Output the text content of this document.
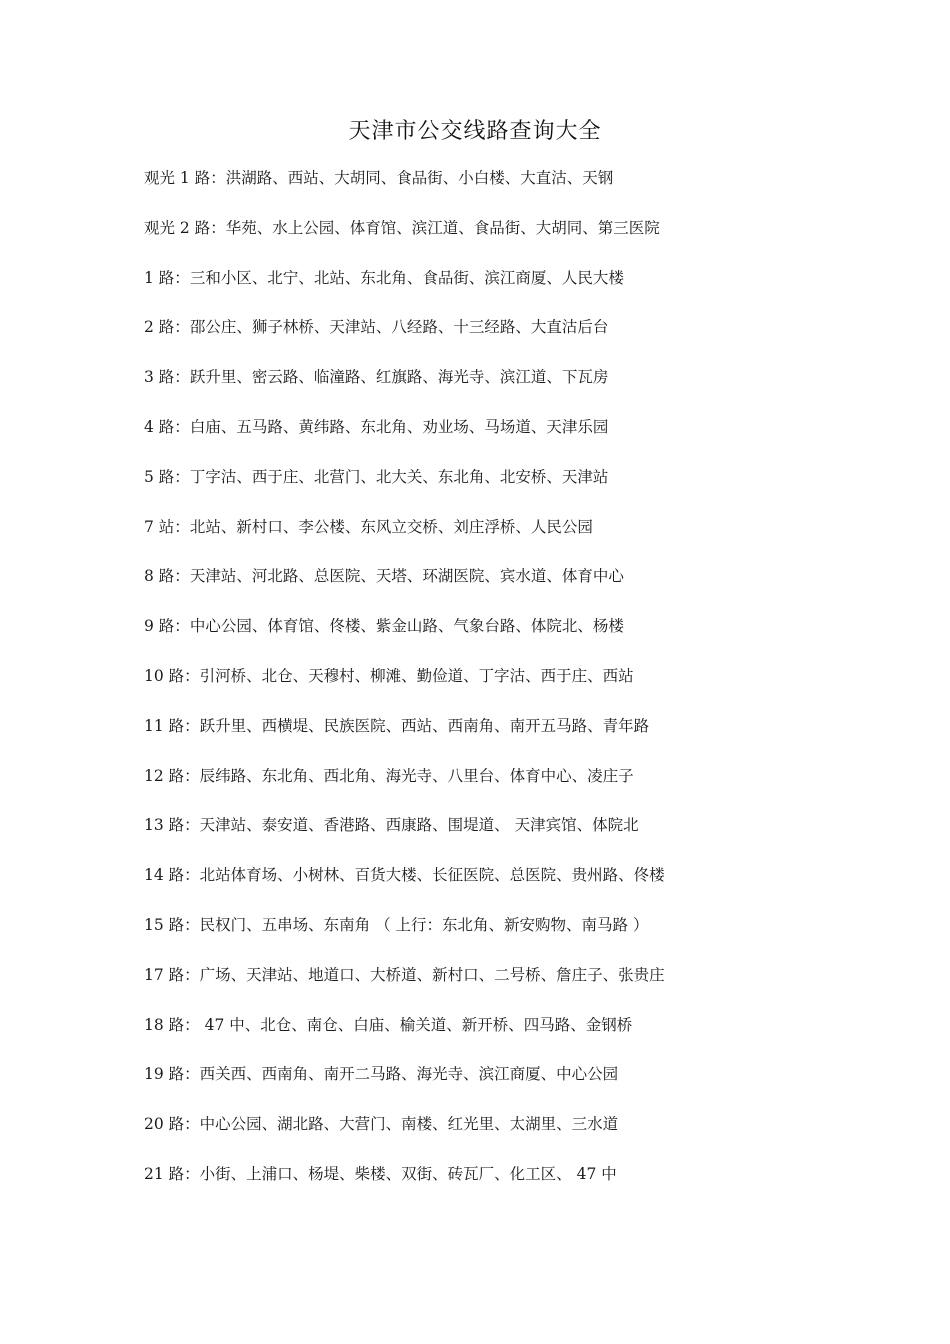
天津市公交线路查询大全
观光 1 路：洪湖路、西站、大胡同、食品街、小白楼、大直沽、天钢
观光 2 路：华苑、水上公园、体育馆、滨江道、食品街、大胡同、第三医院
1 路：三和小区、北宁、北站、东北角、食品街、滨江商厦、人民大楼
2 路：邵公庄、狮子林桥、天津站、八经路、十三经路、大直沽后台
3 路：跃升里、密云路、临潼路、红旗路、海光寺、滨江道、下瓦房
4 路：白庙、五马路、黄纬路、东北角、劝业场、马场道、天津乐园
5 路：丁字沽、西于庄、北营门、北大关、东北角、北安桥、天津站
7 站：北站、新村口、李公楼、东风立交桥、刘庄浮桥、人民公园
8 路：天津站、河北路、总医院、天塔、环湖医院、宾水道、体育中心
9 路：中心公园、体育馆、佟楼、紫金山路、气象台路、体院北、杨楼
10 路：引河桥、北仓、天穆村、柳滩、勤俭道、丁字沽、西于庄、西站
11 路：跃升里、西横堤、民族医院、西站、西南角、南开五马路、青年路
12 路：辰纬路、东北角、西北角、海光寺、八里台、体育中心、凌庄子
13 路：天津站、泰安道、香港路、西康路、围堤道、 天津宾馆、体院北
14 路：北站体育场、小树林、百货大楼、长征医院、总医院、贵州路、佟楼
15 路：民权门、五串场、东南角 （ 上行：东北角、新安购物、南马路 ）
17 路：广场、天津站、地道口、大桥道、新村口、二号桥、詹庄子、张贵庄
18 路： 47 中、北仓、南仓、白庙、榆关道、新开桥、四马路、金钢桥
19 路：西关西、西南角、南开二马路、海光寺、滨江商厦、中心公园
20 路：中心公园、湖北路、大营门、南楼、红光里、太湖里、三水道
21 路：小街、上浦口、杨堤、柴楼、双街、砖瓦厂、化工区、 47 中
